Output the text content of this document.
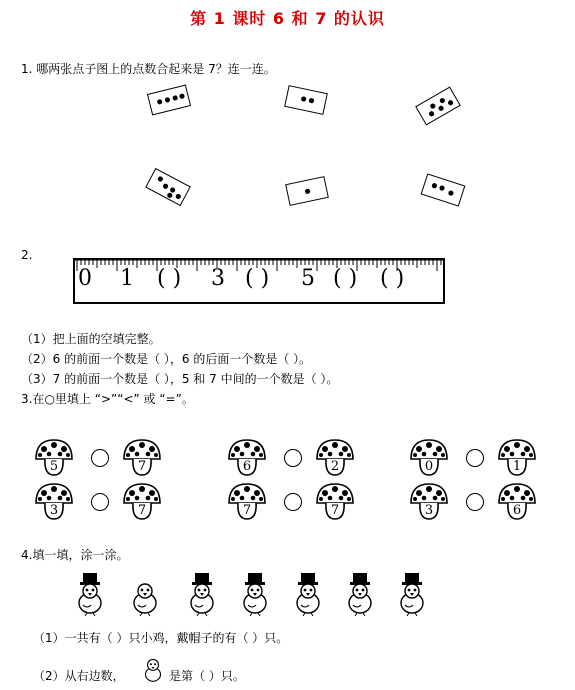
第 1 课时 6 和 7 的认识
1. 哪两张点子图上的点数合起来是 7？连一连。
2.
0 1 ( ) 3 ( ) 5 ( ) ( )
（1）把上面的空填完整。
（2）6 的前面一个数是（ ），6 的后面一个数是（ ）。
（3）7 的前面一个数是（ ），5 和 7 中间的一个数是（ ）。
3.在○里填上 “>”“<” 或 “=”。
5	7
3	7
6	2
7	7
0	1
3	6
4.填一填，涂一涂。
（1）一共有（ ）只小鸡，戴帽子的有（ ）只。
（2）从右边数，	是第（ ）只。
